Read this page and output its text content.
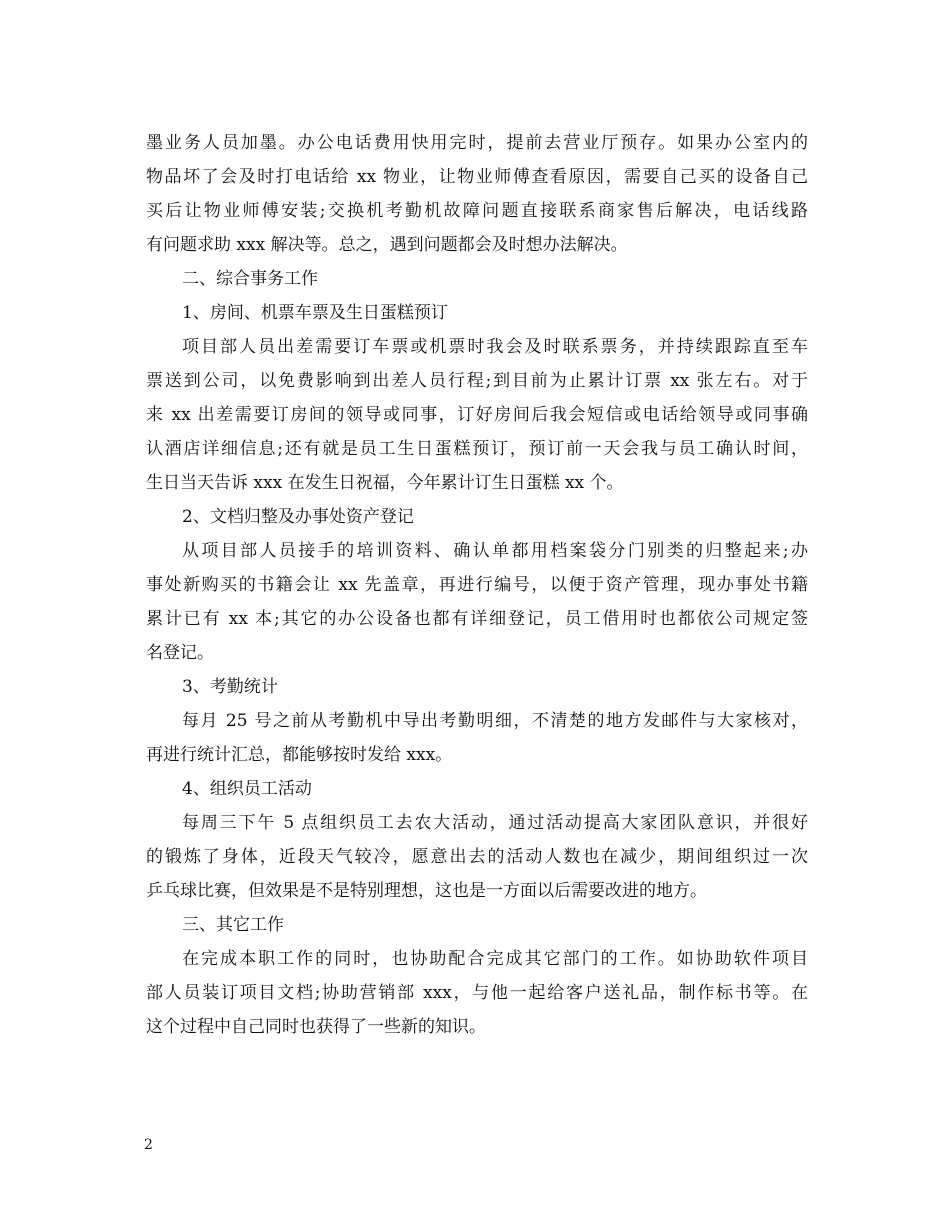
墨业务人员加墨。办公电话费用快用完时，提前去营业厅预存。如果办公室内的
物品坏了会及时打电话给 xx 物业，让物业师傅查看原因，需要自己买的设备自己
买后让物业师傅安装;交换机考勤机故障问题直接联系商家售后解决，电话线路
有问题求助 xxx 解决等。总之，遇到问题都会及时想办法解决。
二、综合事务工作
1、房间、机票车票及生日蛋糕预订
项目部人员出差需要订车票或机票时我会及时联系票务，并持续跟踪直至车
票送到公司，以免费影响到出差人员行程;到目前为止累计订票 xx 张左右。对于
来 xx 出差需要订房间的领导或同事，订好房间后我会短信或电话给领导或同事确
认酒店详细信息;还有就是员工生日蛋糕预订，预订前一天会我与员工确认时间，
生日当天告诉 xxx 在发生日祝福，今年累计订生日蛋糕 xx 个。
2、文档归整及办事处资产登记
从项目部人员接手的培训资料、确认单都用档案袋分门别类的归整起来;办
事处新购买的书籍会让 xx 先盖章，再进行编号，以便于资产管理，现办事处书籍
累计已有 xx 本;其它的办公设备也都有详细登记，员工借用时也都依公司规定签
名登记。
3、考勤统计
每月 25 号之前从考勤机中导出考勤明细，不清楚的地方发邮件与大家核对，
再进行统计汇总，都能够按时发给 xxx。
4、组织员工活动
每周三下午 5 点组织员工去农大活动，通过活动提高大家团队意识，并很好
的锻炼了身体，近段天气较冷，愿意出去的活动人数也在减少，期间组织过一次
乒乓球比赛，但效果是不是特别理想，这也是一方面以后需要改进的地方。
三、其它工作
在完成本职工作的同时，也协助配合完成其它部门的工作。如协助软件项目
部人员装订项目文档;协助营销部 xxx，与他一起给客户送礼品，制作标书等。在
这个过程中自己同时也获得了一些新的知识。
2
